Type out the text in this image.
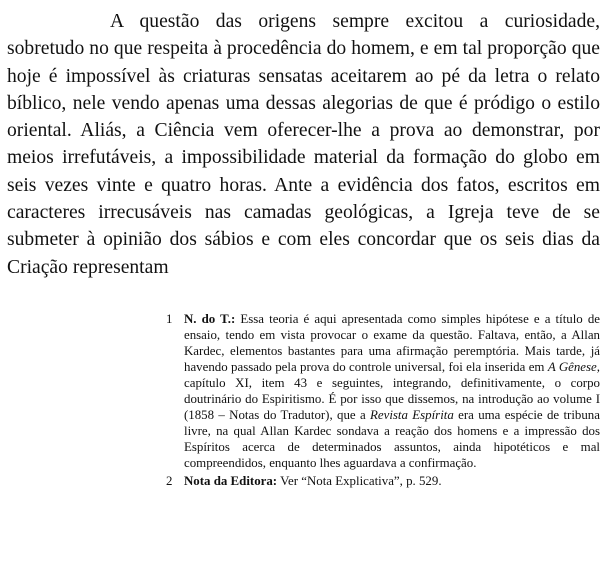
A questão das origens sempre excitou a curiosidade, sobretudo no que respeita à procedência do homem, e em tal proporção que hoje é impossível às criaturas sensatas aceitarem ao pé da letra o relato bíblico, nele vendo apenas uma dessas alegorias de que é pródigo o estilo oriental. Aliás, a Ciência vem oferecer-lhe a prova ao demonstrar, por meios irrefutáveis, a impossibilidade material da formação do globo em seis vezes vinte e quatro horas. Ante a evidência dos fatos, escritos em caracteres irrecusáveis nas camadas geológicas, a Igreja teve de se submeter à opinião dos sábios e com eles concordar que os seis dias da Criação representam

1 N. do T.: Essa teoria é aqui apresentada como simples hipótese e a título de ensaio, tendo em vista provocar o exame da questão. Faltava, então, a Allan Kardec, elementos bastantes para uma afirmação peremptória. Mais tarde, já havendo passado pela prova do controle universal, foi ela inserida em A Gênese, capítulo XI, item 43 e seguintes, integrando, definitivamente, o corpo doutrinário do Espiritismo. É por isso que dissemos, na introdução ao volume I (1858 – Notas do Tradutor), que a Revista Espírita era uma espécie de tribuna livre, na qual Allan Kardec sondava a reação dos homens e a impressão dos Espíritos acerca de determinados assuntos, ainda hipotéticos e mal compreendidos, enquanto lhes aguardava a confirmação.

2 Nota da Editora: Ver “Nota Explicativa”, p. 529.
